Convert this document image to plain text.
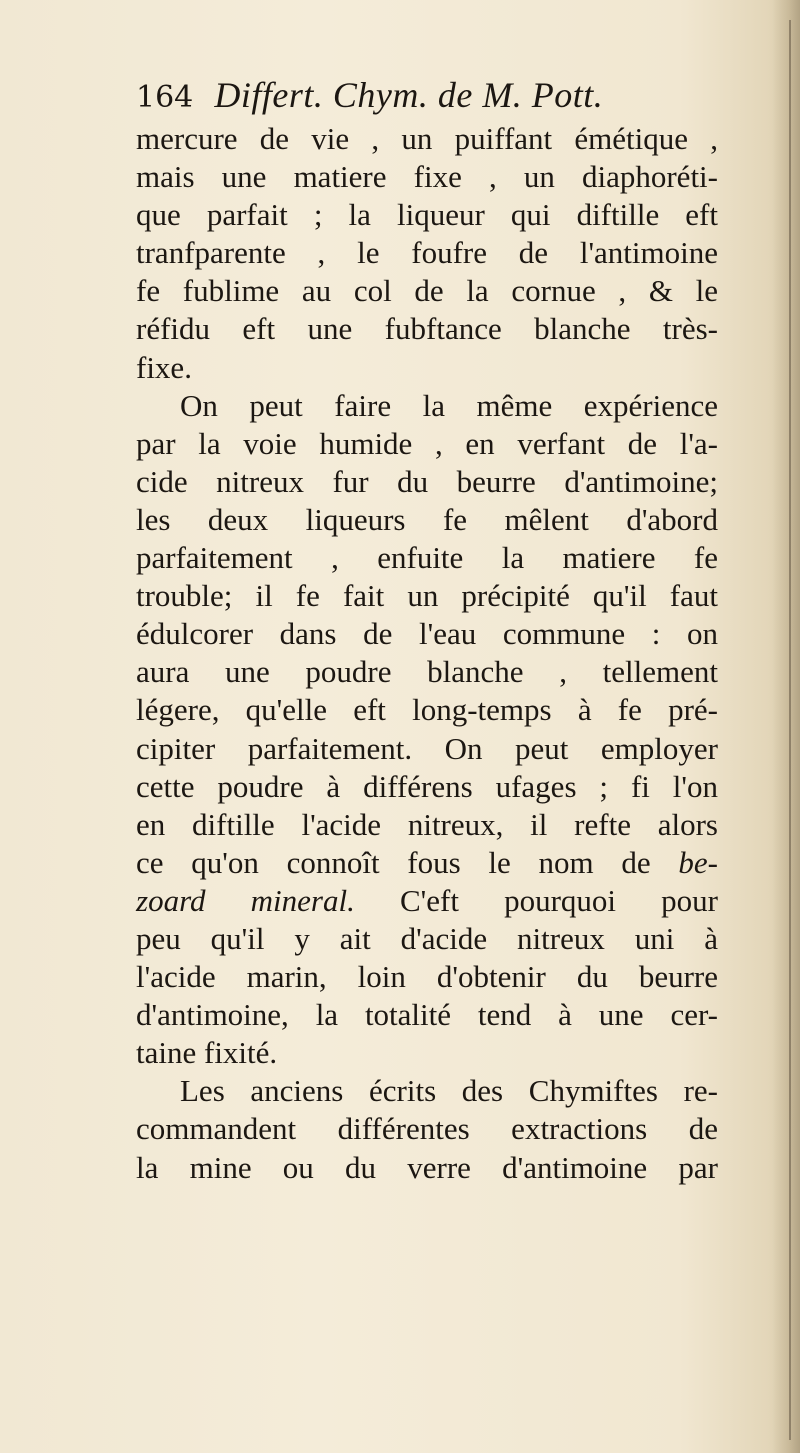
164 Differt. Chym. de M. Pott.
mercure de vie , un puiffant émétique ,
mais une matiere fixe , un diaphoréti-
que parfait ; la liqueur qui diftille eft
tranfparente , le foufre de l'antimoine
fe fublime au col de la cornue , & le
réfidu eft une fubftance blanche très-
fixe.
On peut faire la même expérience
par la voie humide , en verfant de l'a-
cide nitreux fur du beurre d'antimoine;
les deux liqueurs fe mêlent d'abord
parfaitement , enfuite la matiere fe
trouble; il fe fait un précipité qu'il faut
édulcorer dans de l'eau commune : on
aura une poudre blanche , tellement
légere, qu'elle eft long-temps à fe pré-
cipiter parfaitement. On peut employer
cette poudre à différens ufages ; fi l'on
en diftille l'acide nitreux, il refte alors
ce qu'on connoît fous le nom de be-
zoard mineral. C'eft pourquoi pour
peu qu'il y ait d'acide nitreux uni à
l'acide marin, loin d'obtenir du beurre
d'antimoine, la totalité tend à une cer-
taine fixité.
Les anciens écrits des Chymiftes re-
commandent différentes extractions de
la mine ou du verre d'antimoine par
